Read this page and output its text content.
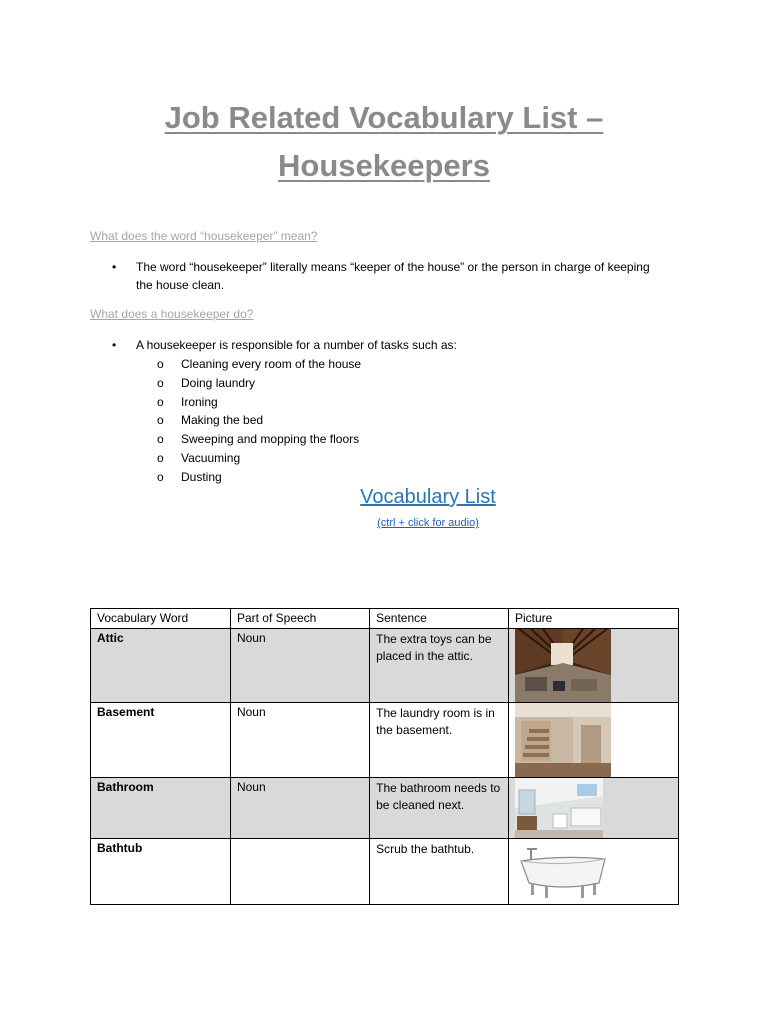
Job Related Vocabulary List –
Housekeepers
What does the word “housekeeper” mean?
• The word “housekeeper” literally means “keeper of the house” or the person in charge of keeping the house clean.
What does a housekeeper do?
• A housekeeper is responsible for a number of tasks such as:
o Cleaning every room of the house
o Doing laundry
o Ironing
o Making the bed
o Sweeping and mopping the floors
o Vacuuming
o Dusting
Vocabulary List
(ctrl + click for audio)
Vocabulary Word	Part of Speech	Sentence	Picture
Attic	Noun	The extra toys can be placed in the attic.	

Basement	Noun	The laundry room is in the basement.	

Bathroom	Noun	The bathroom needs to be cleaned next.	

Bathtub		Scrub the bathtub.	
